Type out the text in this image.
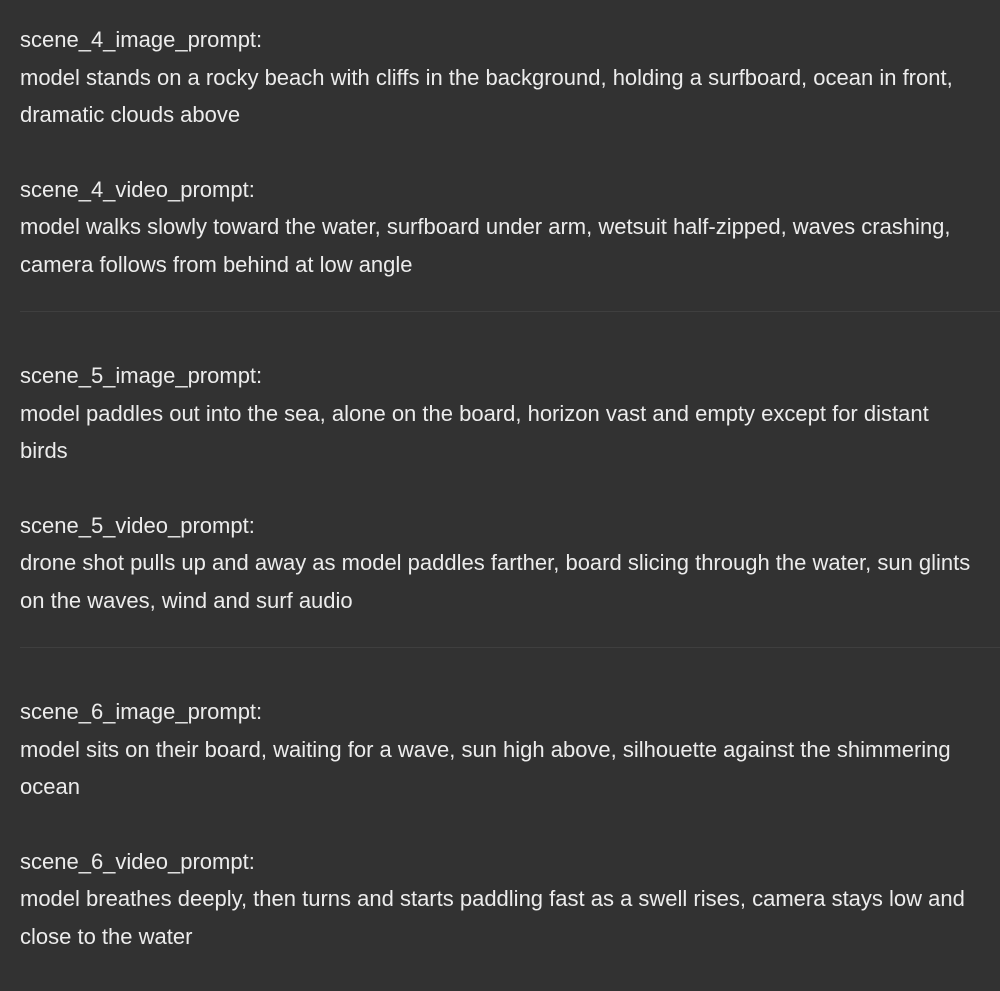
scene_4_image_prompt:
model stands on a rocky beach with cliffs in the background, holding a surfboard, ocean in front, dramatic clouds above
scene_4_video_prompt:
model walks slowly toward the water, surfboard under arm, wetsuit half-zipped, waves crashing, camera follows from behind at low angle
scene_5_image_prompt:
model paddles out into the sea, alone on the board, horizon vast and empty except for distant birds
scene_5_video_prompt:
drone shot pulls up and away as model paddles farther, board slicing through the water, sun glints on the waves, wind and surf audio
scene_6_image_prompt:
model sits on their board, waiting for a wave, sun high above, silhouette against the shimmering ocean
scene_6_video_prompt:
model breathes deeply, then turns and starts paddling fast as a swell rises, camera stays low and close to the water
